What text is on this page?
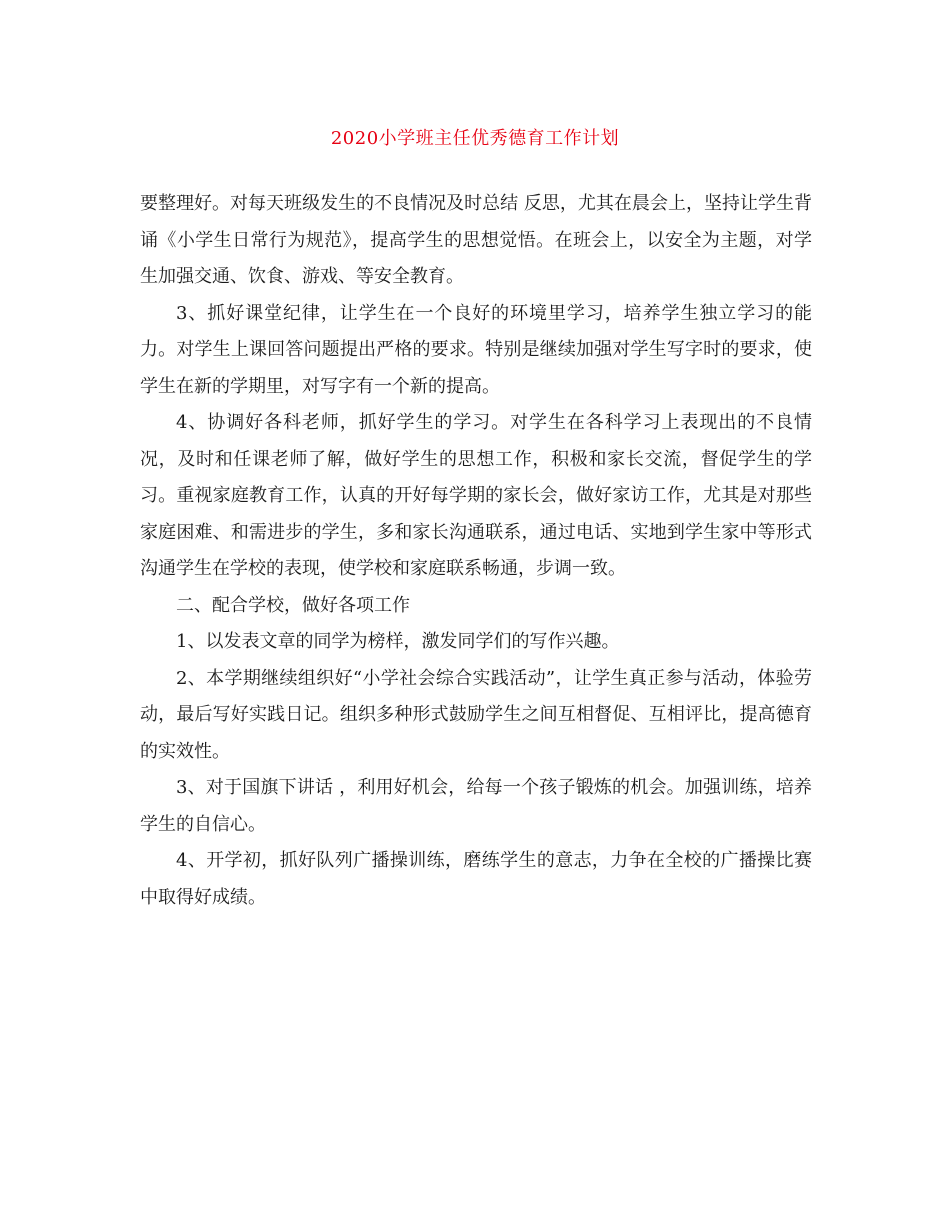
2020小学班主任优秀德育工作计划

要整理好。对每天班级发生的不良情况及时总结 反思，尤其在晨会上，坚持让学生背诵《小学生日常行为规范》，提高学生的思想觉悟。在班会上，以安全为主题，对学生加强交通、饮食、游戏、等安全教育。

3、抓好课堂纪律，让学生在一个良好的环境里学习，培养学生独立学习的能力。对学生上课回答问题提出严格的要求。特别是继续加强对学生写字时的要求，使学生在新的学期里，对写字有一个新的提高。

4、协调好各科老师，抓好学生的学习。对学生在各科学习上表现出的不良情况，及时和任课老师了解，做好学生的思想工作，积极和家长交流，督促学生的学习。重视家庭教育工作，认真的开好每学期的家长会，做好家访工作，尤其是对那些家庭困难、和需进步的学生，多和家长沟通联系，通过电话、实地到学生家中等形式沟通学生在学校的表现，使学校和家庭联系畅通，步调一致。

二、配合学校，做好各项工作

1、以发表文章的同学为榜样，激发同学们的写作兴趣。

2、本学期继续组织好“小学社会综合实践活动”，让学生真正参与活动，体验劳动，最后写好实践日记。组织多种形式鼓励学生之间互相督促、互相评比，提高德育的实效性。

3、对于国旗下讲话 ，利用好机会，给每一个孩子锻炼的机会。加强训练，培养学生的自信心。

4、开学初，抓好队列广播操训练，磨练学生的意志，力争在全校的广播操比赛中取得好成绩。
